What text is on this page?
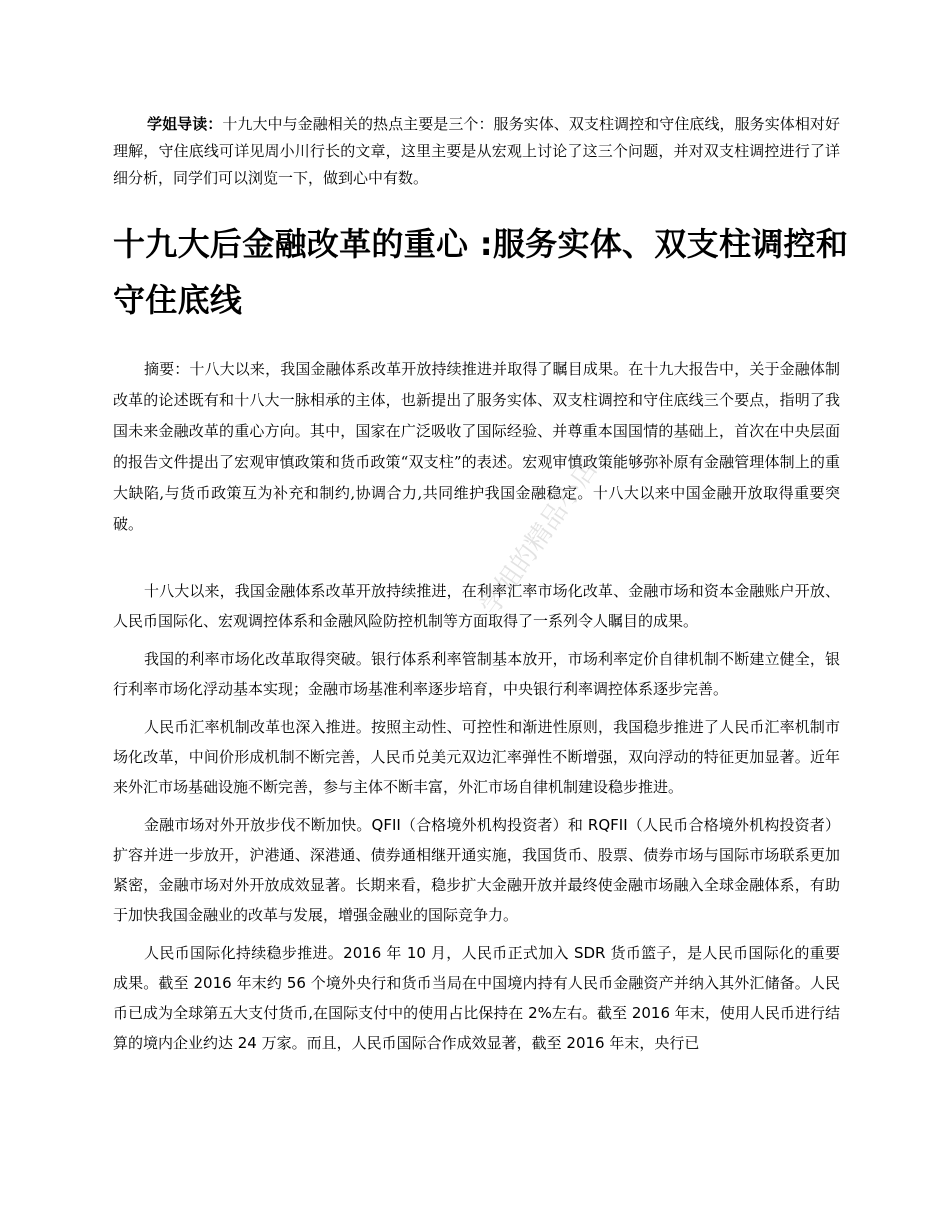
学姐导读：十九大中与金融相关的热点主要是三个：服务实体、双支柱调控和守住底线，服务实体相对好理解，守住底线可详见周小川行长的文章，这里主要是从宏观上讨论了这三个问题，并对双支柱调控进行了详细分析，同学们可以浏览一下，做到心中有数。
十九大后金融改革的重心 :服务实体、双支柱调控和守住底线

摘要：十八大以来，我国金融体系改革开放持续推进并取得了瞩目成果。在十九大报告中，关于金融体制改革的论述既有和十八大一脉相承的主体，也新提出了服务实体、双支柱调控和守住底线三个要点，指明了我国未来金融改革的重心方向。其中，国家在广泛吸收了国际经验、并尊重本国国情的基础上，首次在中央层面的报告文件提出了宏观审慎政策和货币政策“双支柱”的表述。宏观审慎政策能够弥补原有金融管理体制上的重大缺陷,与货币政策互为补充和制约,协调合力,共同维护我国金融稳定。十八大以来中国金融开放取得重要突破。

十八大以来，我国金融体系改革开放持续推进，在利率汇率市场化改革、金融市场和资本金融账户开放、人民币国际化、宏观调控体系和金融风险防控机制等方面取得了一系列令人瞩目的成果。

我国的利率市场化改革取得突破。银行体系利率管制基本放开，市场利率定价自律机制不断建立健全，银行利率市场化浮动基本实现；金融市场基准利率逐步培育，中央银行利率调控体系逐步完善。

人民币汇率机制改革也深入推进。按照主动性、可控性和渐进性原则，我国稳步推进了人民币汇率机制市场化改革，中间价形成机制不断完善，人民币兑美元双边汇率弹性不断增强，双向浮动的特征更加显著。近年来外汇市场基础设施不断完善，参与主体不断丰富，外汇市场自律机制建设稳步推进。

金融市场对外开放步伐不断加快。QFII（合格境外机构投资者）和 RQFII（人民币合格境外机构投资者）扩容并进一步放开，沪港通、深港通、债券通相继开通实施，我国货币、股票、债券市场与国际市场联系更加紧密，金融市场对外开放成效显著。长期来看，稳步扩大金融开放并最终使金融市场融入全球金融体系，有助于加快我国金融业的改革与发展，增强金融业的国际竞争力。

人民币国际化持续稳步推进。2016 年 10 月，人民币正式加入 SDR 货币篮子，是人民币国际化的重要成果。截至 2016 年末约 56 个境外央行和货币当局在中国境内持有人民币金融资产并纳入其外汇储备。人民币已成为全球第五大支付货币,在国际支付中的使用占比保持在 2%左右。截至 2016 年末，使用人民币进行结算的境内企业约达 24 万家。而且，人民币国际合作成效显著，截至 2016 年末，央行已

学姐的精品小店
